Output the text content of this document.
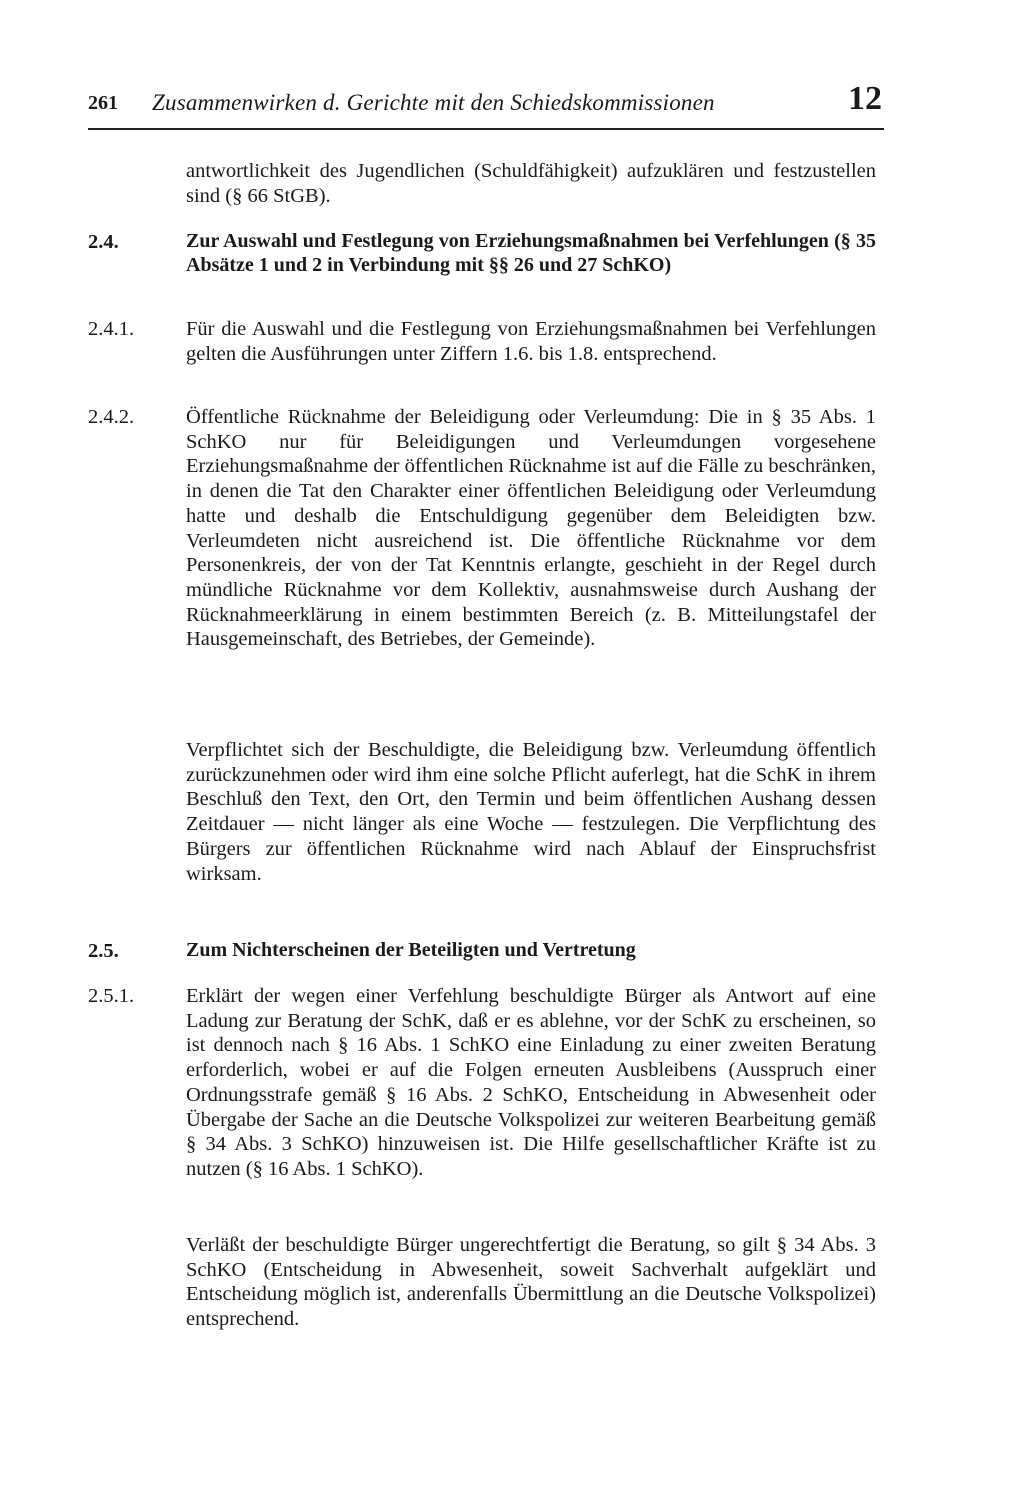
261 Zusammenwirken d. Gerichte mit den Schiedskommissionen	12
antwortlichkeit des Jugendlichen (Schuldfähigkeit) aufzuklären und festzustellen sind (§ 66 StGB).
2.4.	Zur Auswahl und Festlegung von Erziehungsmaßnahmen bei Verfehlungen (§ 35 Absätze 1 und 2 in Verbindung mit §§ 26 und 27 SchKO)
2.4.1.	Für die Auswahl und die Festlegung von Erziehungsmaßnahmen bei Verfehlungen gelten die Ausführungen unter Ziffern 1.6. bis 1.8. entsprechend.
2.4.2.	Öffentliche Rücknahme der Beleidigung oder Verleumdung: Die in § 35 Abs. 1 SchKO nur für Beleidigungen und Verleumdungen vorgesehene Erziehungsmaßnahme der öffentlichen Rücknahme ist auf die Fälle zu beschränken, in denen die Tat den Charakter einer öffentlichen Beleidigung oder Verleumdung hatte und deshalb die Entschuldigung gegenüber dem Beleidigten bzw. Verleumdeten nicht ausreichend ist. Die öffentliche Rücknahme vor dem Personenkreis, der von der Tat Kenntnis erlangte, geschieht in der Regel durch mündliche Rücknahme vor dem Kollektiv, ausnahmsweise durch Aushang der Rücknahmeerklärung in einem bestimmten Bereich (z. B. Mitteilungstafel der Hausgemeinschaft, des Betriebes, der Gemeinde).
Verpflichtet sich der Beschuldigte, die Beleidigung bzw. Verleumdung öffentlich zurückzunehmen oder wird ihm eine solche Pflicht auferlegt, hat die SchK in ihrem Beschluß den Text, den Ort, den Termin und beim öffentlichen Aushang dessen Zeitdauer — nicht länger als eine Woche — festzulegen. Die Verpflichtung des Bürgers zur öffentlichen Rücknahme wird nach Ablauf der Einspruchsfrist wirksam.
2.5.	Zum Nichterscheinen der Beteiligten und Vertretung
2.5.1.	Erklärt der wegen einer Verfehlung beschuldigte Bürger als Antwort auf eine Ladung zur Beratung der SchK, daß er es ablehne, vor der SchK zu erscheinen, so ist dennoch nach § 16 Abs. 1 SchKO eine Einladung zu einer zweiten Beratung erforderlich, wobei er auf die Folgen erneuten Ausbleibens (Ausspruch einer Ordnungsstrafe gemäß § 16 Abs. 2 SchKO, Entscheidung in Abwesenheit oder Übergabe der Sache an die Deutsche Volkspolizei zur weiteren Bearbeitung gemäß § 34 Abs. 3 SchKO) hinzuweisen ist. Die Hilfe gesellschaftlicher Kräfte ist zu nutzen (§ 16 Abs. 1 SchKO).
Verläßt der beschuldigte Bürger ungerechtfertigt die Beratung, so gilt § 34 Abs. 3 SchKO (Entscheidung in Abwesenheit, soweit Sachverhalt aufgeklärt und Entscheidung möglich ist, anderenfalls Übermittlung an die Deutsche Volkspolizei) entsprechend.
